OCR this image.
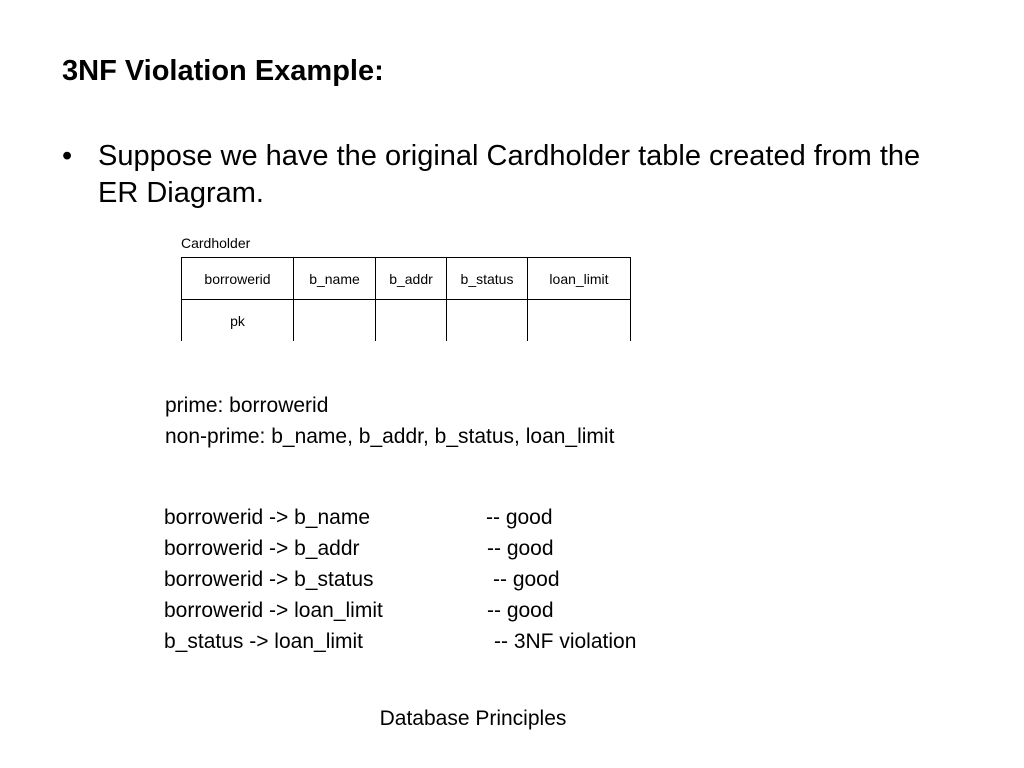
3NF Violation Example:
• Suppose we have the original Cardholder table created from the ER Diagram.
Cardholder
borrowerid	b_name	b_addr	b_status	loan_limit
pk
prime: borrowerid
non-prime: b_name, b_addr, b_status, loan_limit
borrowerid -> b_name	-- good
borrowerid -> b_addr	-- good
borrowerid -> b_status	-- good
borrowerid -> loan_limit	-- good
b_status -> loan_limit	-- 3NF violation
Database Principles
